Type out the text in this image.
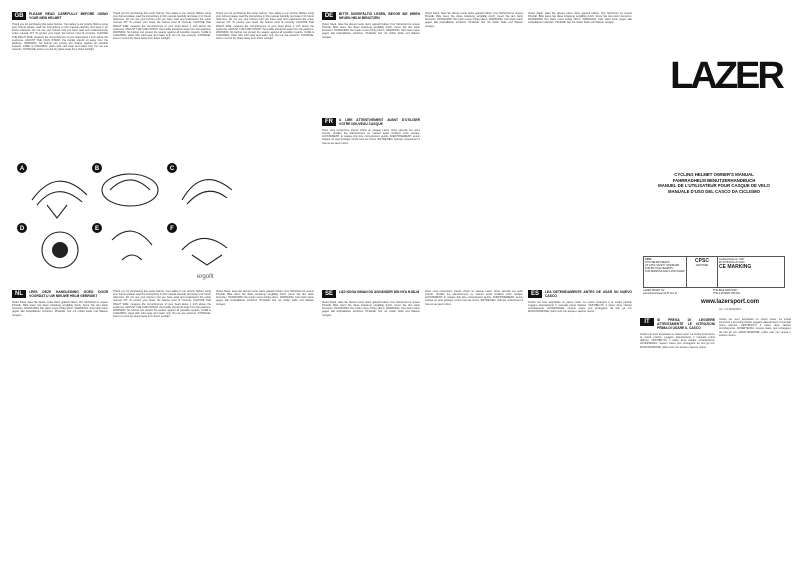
GB	PLEASE READ CAREFULLY BEFORE USING YOUR NEW HELMET

Thank you for purchasing this Lazer helmet. Your safety is our priority. Before using your helmet please read the instructions in this manual carefully and keep it for future reference. Do not use your helmet until you have read and understood the entire manual. FIT: To protect your head, the helmet must fit correctly. CHOOSE THE RIGHT SIZE: measure the circumference of your head about 1 inch above the eyebrows. ADJUST THE CHIN STRAP: the buckle should sit away from the jawbone. WARNING: No helmet can protect the wearer against all possible impacts. CARE & CLEANING: clean with mild soap and water only. Do not use solvents. STORAGE: store in a cool dry place away from direct sunlight.

Thank you for purchasing this Lazer helmet. Your safety is our priority. Before using your helmet please read the instructions in this manual carefully and keep it for future reference. Do not use your helmet until you have read and understood the entire manual. FIT: To protect your head, the helmet must fit correctly. CHOOSE THE RIGHT SIZE: measure the circumference of your head about 1 inch above the eyebrows. ADJUST THE CHIN STRAP: the buckle should sit away from the jawbone. WARNING: No helmet can protect the wearer against all possible impacts. CARE & CLEANING: clean with mild soap and water only. Do not use solvents. STORAGE: store in a cool dry place away from direct sunlight.

Thank you for purchasing this Lazer helmet. Your safety is our priority. Before using your helmet please read the instructions in this manual carefully and keep it for future reference. Do not use your helmet until you have read and understood the entire manual. FIT: To protect your head, the helmet must fit correctly. CHOOSE THE RIGHT SIZE: measure the circumference of your head about 1 inch above the eyebrows. ADJUST THE CHIN STRAP: the buckle should sit away from the jawbone. WARNING: No helmet can protect the wearer against all possible impacts. CARE & CLEANING: clean with mild soap and water only. Do not use solvents. STORAGE: store in a cool dry place away from direct sunlight.

A	B	C
D	E	F
ergofit
NL	LEES DEZE HANDLEIDING GOED DOOR VOORDAT U UW NIEUWE HELM GEBRUIKT

Vielen Dank, dass Sie diesen Lazer Helm gekauft haben. Ihre Sicherheit ist unsere Priorität. Bitte lesen Sie diese Anleitung sorgfältig durch, bevor Sie den Helm benutzen. PASSFORM: Der Helm muss richtig sitzen. WARNUNG: Kein Helm kann gegen alle Aufprallarten schützen. PFLEGE: Nur mit milder Seife und Wasser reinigen.

Thank you for purchasing this Lazer helmet. Your safety is our priority. Before using your helmet please read the instructions in this manual carefully and keep it for future reference. Do not use your helmet until you have read and understood the entire manual. FIT: To protect your head, the helmet must fit correctly. CHOOSE THE RIGHT SIZE: measure the circumference of your head about 1 inch above the eyebrows. ADJUST THE CHIN STRAP: the buckle should sit away from the jawbone. WARNING: No helmet can protect the wearer against all possible impacts. CARE & CLEANING: clean with mild soap and water only. Do not use solvents. STORAGE: store in a cool dry place away from direct sunlight.

Vielen Dank, dass Sie diesen Lazer Helm gekauft haben. Ihre Sicherheit ist unsere Priorität. Bitte lesen Sie diese Anleitung sorgfältig durch, bevor Sie den Helm benutzen. PASSFORM: Der Helm muss richtig sitzen. WARNUNG: Kein Helm kann gegen alle Aufprallarten schützen. PFLEGE: Nur mit milder Seife und Wasser reinigen.

DE	BITTE SORGFÄLTIG LESEN, BEVOR SIE IHREN NEUEN HELM BENUTZEN

Vielen Dank, dass Sie diesen Lazer Helm gekauft haben. Ihre Sicherheit ist unsere Priorität. Bitte lesen Sie diese Anleitung sorgfältig durch, bevor Sie den Helm benutzen. PASSFORM: Der Helm muss richtig sitzen. WARNUNG: Kein Helm kann gegen alle Aufprallarten schützen. PFLEGE: Nur mit milder Seife und Wasser reinigen.

Vielen Dank, dass Sie diesen Lazer Helm gekauft haben. Ihre Sicherheit ist unsere Priorität. Bitte lesen Sie diese Anleitung sorgfältig durch, bevor Sie den Helm benutzen. PASSFORM: Der Helm muss richtig sitzen. WARNUNG: Kein Helm kann gegen alle Aufprallarten schützen. PFLEGE: Nur mit milder Seife und Wasser reinigen.

Vielen Dank, dass Sie diesen Lazer Helm gekauft haben. Ihre Sicherheit ist unsere Priorität. Bitte lesen Sie diese Anleitung sorgfältig durch, bevor Sie den Helm benutzen. PASSFORM: Der Helm muss richtig sitzen. WARNUNG: Kein Helm kann gegen alle Aufprallarten schützen. PFLEGE: Nur mit milder Seife und Wasser reinigen.

FR	A LIRE ATTENTIVEMENT AVANT D'UTILISER VOTRE NOUVEAU CASQUE

Nous vous remercions d'avoir choisi un casque Lazer. Votre sécurité est notre priorité. Veuillez lire attentivement ce manuel avant d'utiliser votre casque. AJUSTEMENT: le casque doit être correctement ajusté. AVERTISSEMENT: aucun casque ne peut protéger contre tous les chocs. ENTRETIEN: nettoyer uniquement à l'eau et au savon doux.

SE	LÄS NOGA INNAN DU ANVÄNDER DIN NYA HJÄLM

Vielen Dank, dass Sie diesen Lazer Helm gekauft haben. Ihre Sicherheit ist unsere Priorität. Bitte lesen Sie diese Anleitung sorgfältig durch, bevor Sie den Helm benutzen. PASSFORM: Der Helm muss richtig sitzen. WARNUNG: Kein Helm kann gegen alle Aufprallarten schützen. PFLEGE: Nur mit milder Seife und Wasser reinigen.

Nous vous remercions d'avoir choisi un casque Lazer. Votre sécurité est notre priorité. Veuillez lire attentivement ce manuel avant d'utiliser votre casque. AJUSTEMENT: le casque doit être correctement ajusté. AVERTISSEMENT: aucun casque ne peut protéger contre tous les chocs. ENTRETIEN: nettoyer uniquement à l'eau et au savon doux.

ES	LEA DETENIDAMENTE ANTES DE USAR SU NUEVO CASCO

Grazie per aver acquistato un casco Lazer. La vostra sicurezza è la nostra priorità. Leggere attentamente il manuale prima dell'uso. VESTIBILITÀ: il casco deve calzare correttamente. AVVERTENZA: nessun casco può proteggere da tutti gli urti. MANUTENZIONE: pulire solo con acqua e sapone neutro.

LAZER
CYCLING HELMET OWNER'S MANUAL
FAHRRADHELM BENUTZERHANDBUCH
MANUEL DE L'UTILISATEUR POUR CASQUE DE VELO
MANUALE D'USO DEL CASCO DA CICLISMO
CPSC
THIS HELMET MEETS
US CPSC SAFETY STANDARD
FOR BICYCLE HELMETS
FOR PERSONS AGE 5 AND OLDER
CPSC
CERTIFIED
Certified Body No. 0197
EN 1078:2012+A1:2012
CE MARKING
LAZER SPORT NV
Lamorinierestraat 33-37 bus D
THE BIKE INDUSTRY
THE 2 RIVERS OFFICE
www.lazersport.com
ver.: 1.4 16/02/2017
IT	SI PREGA DI LEGGERE ATTENTAMENTE LE ISTRUZIONI PRIMA DI USARE IL CASCO

Grazie per aver acquistato un casco Lazer. La vostra sicurezza è la nostra priorità. Leggere attentamente il manuale prima dell'uso. VESTIBILITÀ: il casco deve calzare correttamente. AVVERTENZA: nessun casco può proteggere da tutti gli urti. MANUTENZIONE: pulire solo con acqua e sapone neutro.

Grazie per aver acquistato un casco Lazer. La vostra sicurezza è la nostra priorità. Leggere attentamente il manuale prima dell'uso. VESTIBILITÀ: il casco deve calzare correttamente. AVVERTENZA: nessun casco può proteggere da tutti gli urti. MANUTENZIONE: pulire solo con acqua e sapone neutro.
